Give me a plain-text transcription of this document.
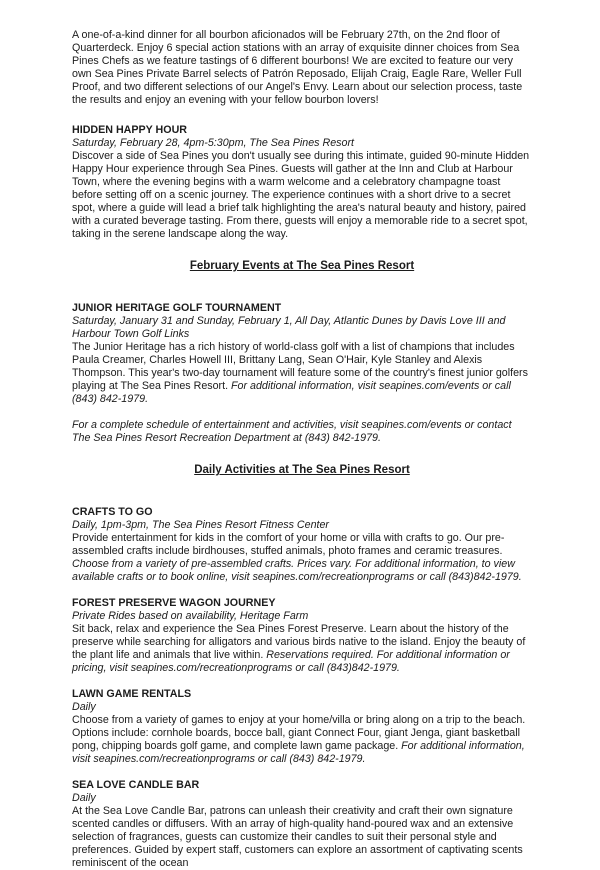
A one-of-a-kind dinner for all bourbon aficionados will be February 27th, on the 2nd floor of Quarterdeck. Enjoy 6 special action stations with an array of exquisite dinner choices from Sea Pines Chefs as we feature tastings of 6 different bourbons! We are excited to feature our very own Sea Pines Private Barrel selects of Patrón Reposado, Elijah Craig, Eagle Rare, Weller Full Proof, and two different selections of our Angel's Envy. Learn about our selection process, taste the results and enjoy an evening with your fellow bourbon lovers!

HIDDEN HAPPY HOUR

Saturday, February 28, 4pm-5:30pm, The Sea Pines Resort

Discover a side of Sea Pines you don't usually see during this intimate, guided 90-minute Hidden Happy Hour experience through Sea Pines. Guests will gather at the Inn and Club at Harbour Town, where the evening begins with a warm welcome and a celebratory champagne toast before setting off on a scenic journey. The experience continues with a short drive to a secret spot, where a guide will lead a brief talk highlighting the area's natural beauty and history, paired with a curated beverage tasting. From there, guests will enjoy a memorable ride to a secret spot, taking in the serene landscape along the way.

February Events at The Sea Pines Resort
JUNIOR HERITAGE GOLF TOURNAMENT

Saturday, January 31 and Sunday, February 1, All Day, Atlantic Dunes by Davis Love III and Harbour Town Golf Links

The Junior Heritage has a rich history of world-class golf with a list of champions that includes Paula Creamer, Charles Howell III, Brittany Lang, Sean O'Hair, Kyle Stanley and Alexis Thompson. This year's two-day tournament will feature some of the country's finest junior golfers playing at The Sea Pines Resort. For additional information, visit seapines.com/events or call (843) 842-1979.

For a complete schedule of entertainment and activities, visit seapines.com/events or contact The Sea Pines Resort Recreation Department at (843) 842-1979.

Daily Activities at The Sea Pines Resort
CRAFTS TO GO

Daily, 1pm-3pm, The Sea Pines Resort Fitness Center

Provide entertainment for kids in the comfort of your home or villa with crafts to go. Our pre-assembled crafts include birdhouses, stuffed animals, photo frames and ceramic treasures. Choose from a variety of pre-assembled crafts. Prices vary. For additional information, to view available crafts or to book online, visit seapines.com/recreationprograms or call (843)842-1979.

FOREST PRESERVE WAGON JOURNEY

Private Rides based on availability, Heritage Farm

Sit back, relax and experience the Sea Pines Forest Preserve. Learn about the history of the preserve while searching for alligators and various birds native to the island. Enjoy the beauty of the plant life and animals that live within. Reservations required. For additional information or pricing, visit seapines.com/recreationprograms or call (843)842-1979.

LAWN GAME RENTALS

Daily

Choose from a variety of games to enjoy at your home/villa or bring along on a trip to the beach. Options include: cornhole boards, bocce ball, giant Connect Four, giant Jenga, giant basketball pong, chipping boards golf game, and complete lawn game package. For additional information, visit seapines.com/recreationprograms or call (843) 842-1979.

SEA LOVE CANDLE BAR

Daily

At the Sea Love Candle Bar, patrons can unleash their creativity and craft their own signature scented candles or diffusers. With an array of high-quality hand-poured wax and an extensive selection of fragrances, guests can customize their candles to suit their personal style and preferences. Guided by expert staff, customers can explore an assortment of captivating scents reminiscent of the ocean
